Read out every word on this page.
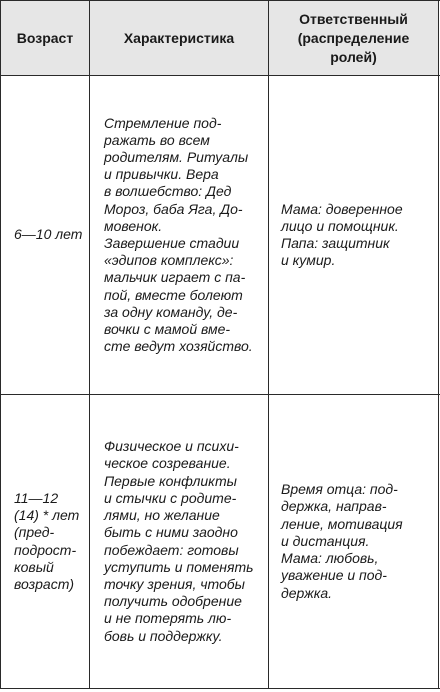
Возраст	Характеристика
Ответственный
(распределение
ролей)
6—10 лет
Стремление под-
ражать во всем
родителям. Ритуалы
и привычки. Вера
в волшебство: Дед
Мороз, баба Яга, До-
мовенок.
Завершение стадии
«эдипов комплекс»:
мальчик играет с па-
пой, вместе болеют
за одну команду, де-
вочки с мамой вме-
сте ведут хозяйство.
Мама: доверенное
лицо и помощник.
Папа: защитник
и кумир.
11—12
(14) * лет
(пред-
подрост-
ковый
возраст)
Физическое и психи-
ческое созревание.
Первые конфликты
и стычки с родите-
лями, но желание
быть с ними заодно
побеждает: готовы
уступить и поменять
точку зрения, чтобы
получить одобрение
и не потерять лю-
бовь и поддержку.
Время отца: под-
держка, направ-
ление, мотивация
и дистанция.
Мама: любовь,
уважение и под-
держка.
